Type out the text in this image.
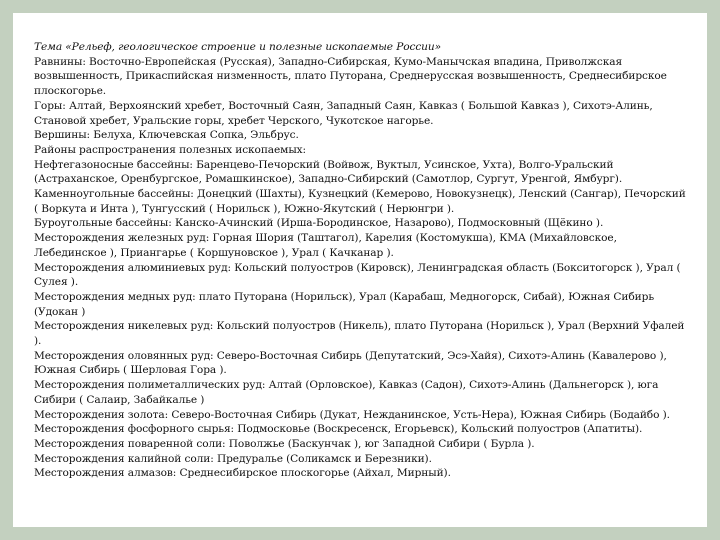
Тема «Рельеф, геологическое строение и полезные ископаемые России»
Равнины: Восточно-Европейская (Русская), Западно-Сибирская, Кумо-Манычская впадина, Приволжская возвышенность, Прикаспийская низменность, плато Путорана, Среднерусская возвышенность, Среднесибирское плоскогорье.
Горы: Алтай, Верхоянский хребет, Восточный Саян, Западный Саян, Кавказ ( Большой Кавказ ), Сихотэ-Алинь, Становой хребет, Уральские горы, хребет Черского, Чукотское нагорье.
Вершины: Белуха, Ключевская Сопка, Эльбрус.
Районы распространения полезных ископаемых:
Нефтегазоносные бассейны: Баренцево-Печорский (Войвож, Вуктыл, Усинское, Ухта), Волго-Уральский (Астраханское, Оренбургское, Ромашкинское), Западно-Сибирский (Самотлор, Сургут, Уренгой, Ямбург).
Каменноугольные бассейны: Донецкий (Шахты), Кузнецкий (Кемерово, Новокузнецк), Ленский (Сангар), Печорский ( Воркута и Инта ), Тунгусский ( Норильск ), Южно-Якутский ( Нерюнгри ).
Буроугольные бассейны: Канско-Ачинский (Ирша-Бородинское, Назарово), Подмосковный (Щёкино ).
Месторождения железных руд: Горная Шория (Таштагол), Карелия (Костомукша), КМА (Михайловское, Лебединское ), Приангарье ( Коршуновское ), Урал ( Качканар ).
Месторождения алюминиевых руд: Кольский полуостров (Кировск), Ленинградская область (Бокситогорск ), Урал ( Сулея ).
Месторождения медных руд: плато Путорана (Норильск), Урал (Карабаш, Медногорск, Сибай), Южная Сибирь (Удокан )
Месторождения никелевых руд: Кольский полуостров (Никель), плато Путорана (Норильск ), Урал (Верхний Уфалей ).
Месторождения оловянных руд: Северо-Восточная Сибирь (Депутатский, Эсэ-Хайя), Сихотэ-Алинь (Кавалерово ), Южная Сибирь ( Шерловая Гора ).
Месторождения полиметаллических руд: Алтай (Орловское), Кавказ (Садон), Сихотэ-Алинь (Дальнегорск ), юга Сибири ( Салаир, Забайкалье )
Месторождения золота: Северо-Восточная Сибирь (Дукат, Нежданинское, Усть-Нера), Южная Сибирь (Бодайбо ).
Месторождения фосфорного сырья: Подмосковье (Воскресенск, Егорьевск), Кольский полуостров (Апатиты).
Месторождения поваренной соли: Поволжье (Баскунчак ), юг Западной Сибири ( Бурла ).
Месторождения калийной соли: Предуралье (Соликамск и Березники).
Месторождения алмазов: Среднесибирское плоскогорье (Айхал, Мирный).
